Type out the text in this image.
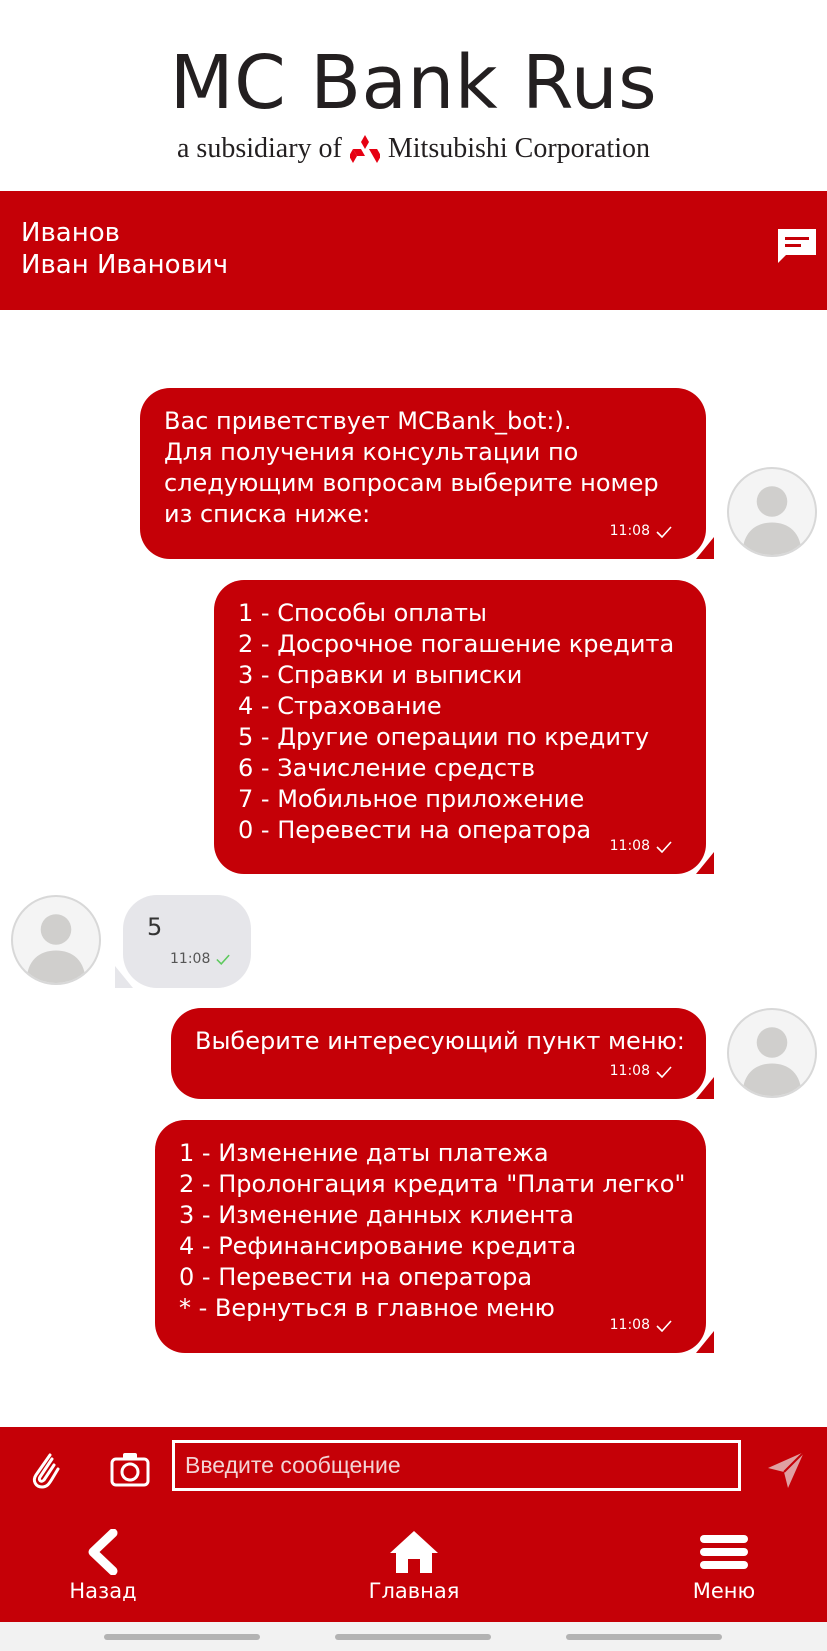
MC Bank Rus
a subsidiary of Mitsubishi Corporation
Иванов
Иван Иванович
Вас приветствует MCBank_bot:).
Для получения консультации по
следующим вопросам выберите номер
из списка ниже:
11:08
1 - Способы оплаты
2 - Досрочное погашение кредита
3 - Справки и выписки
4 - Страхование
5 - Другие операции по кредиту
6 - Зачисление средств
7 - Мобильное приложение
0 - Перевести на оператора
11:08
5
11:08
Выберите интересующий пункт меню:
11:08
1 - Изменение даты платежа
2 - Пролонгация кредита "Плати легко"
3 - Изменение данных клиента
4 - Рефинансирование кредита
0 - Перевести на оператора
* - Вернуться в главное меню
11:08
Введите сообщение
Назад	Главная	Меню
